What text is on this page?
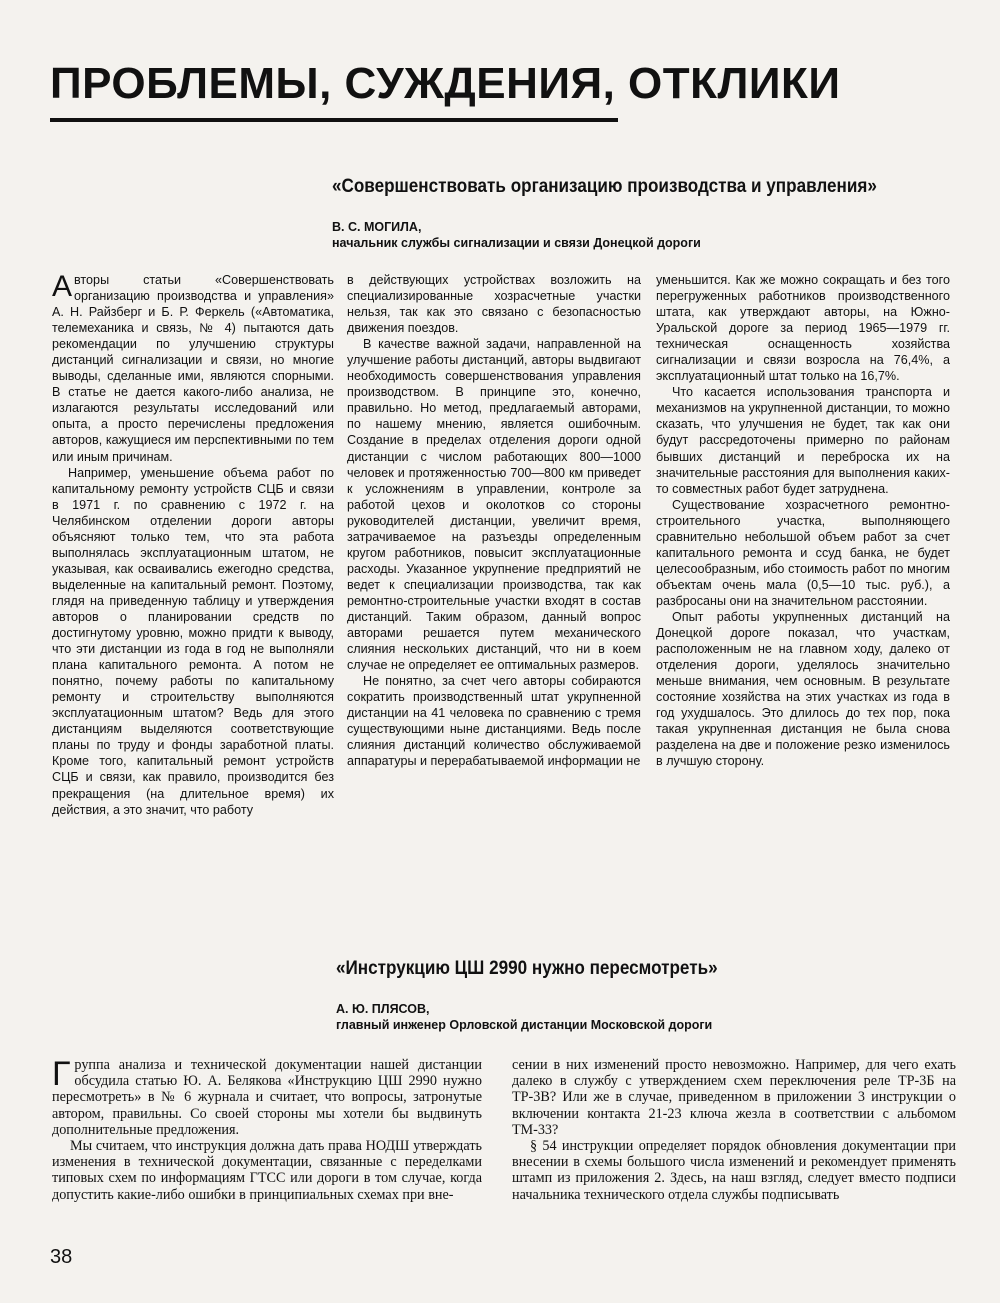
ПРОБЛЕМЫ, СУЖДЕНИЯ, ОТКЛИКИ
«Совершенствовать организацию производства и управления»
В. С. МОГИЛА,
начальник службы сигнализации и связи Донецкой дороги

Авторы статьи «Совершенствовать организацию производства и управления» А. Н. Райзберг и Б. Р. Феркель («Автоматика, телемеханика и связь, № 4) пытаются дать рекомендации по улучшению структуры дистанций сигнализации и связи, но многие выводы, сделанные ими, являются спорными. В статье не дается какого-либо анализа, не излагаются результаты исследований или опыта, а просто перечислены предложения авторов, кажущиеся им перспективными по тем или иным причинам.

Например, уменьшение объема работ по капитальному ремонту устройств СЦБ и связи в 1971 г. по сравнению с 1972 г. на Челябинском отделении дороги авторы объясняют только тем, что эта работа выполнялась эксплуатационным штатом, не указывая, как осваивались ежегодно средства, выделенные на капитальный ремонт. Поэтому, глядя на приведенную таблицу и утверждения авторов о планировании средств по достигнутому уровню, можно придти к выводу, что эти дистанции из года в год не выполняли плана капитального ремонта. А потом не понятно, почему работы по капитальному ремонту и строительству выполняются эксплуатационным штатом? Ведь для этого дистанциям выделяются соответствующие планы по труду и фонды заработной платы. Кроме того, капитальный ремонт устройств СЦБ и связи, как правило, производится без прекращения (на длительное время) их действия, а это значит, что работу

в действующих устройствах возложить на специализированные хозрасчетные участки нельзя, так как это связано с безопасностью движения поездов.

В качестве важной задачи, направленной на улучшение работы дистанций, авторы выдвигают необходимость совершенствования управления производством. В принципе это, конечно, правильно. Но метод, предлагаемый авторами, по нашему мнению, является ошибочным. Создание в пределах отделения дороги одной дистанции с числом работающих 800—1000 человек и протяженностью 700—800 км приведет к усложнениям в управлении, контроле за работой цехов и околотков со стороны руководителей дистанции, увеличит время, затрачиваемое на разъезды определенным кругом работников, повысит эксплуатационные расходы. Указанное укрупнение предприятий не ведет к специализации производства, так как ремонтно-строительные участки входят в состав дистанций. Таким образом, данный вопрос авторами решается путем механического слияния нескольких дистанций, что ни в коем случае не определяет ее оптимальных размеров.

Не понятно, за счет чего авторы собираются сократить производственный штат укрупненной дистанции на 41 человека по сравнению с тремя существующими ныне дистанциями. Ведь после слияния дистанций количество обслуживаемой аппаратуры и перерабатываемой информации не

уменьшится. Как же можно сокращать и без того перегруженных работников производственного штата, как утверждают авторы, на Южно-Уральской дороге за период 1965—1979 гг. техническая оснащенность хозяйства сигнализации и связи возросла на 76,4%, а эксплуатационный штат только на 16,7%.

Что касается использования транспорта и механизмов на укрупненной дистанции, то можно сказать, что улучшения не будет, так как они будут рассредоточены примерно по районам бывших дистанций и переброска их на значительные расстояния для выполнения каких-то совместных работ будет затруднена.

Существование хозрасчетного ремонтно-строительного участка, выполняющего сравнительно небольшой объем работ за счет капитального ремонта и ссуд банка, не будет целесообразным, ибо стоимость работ по многим объектам очень мала (0,5—10 тыс. руб.), а разбросаны они на значительном расстоянии.

Опыт работы укрупненных дистанций на Донецкой дороге показал, что участкам, расположенным не на главном ходу, далеко от отделения дороги, уделялось значительно меньше внимания, чем основным. В результате состояние хозяйства на этих участках из года в год ухудшалось. Это длилось до тех пор, пока такая укрупненная дистанция не была снова разделена на две и положение резко изменилось в лучшую сторону.

«Инструкцию ЦШ 2990 нужно пересмотреть»
А. Ю. ПЛЯСОВ,
главный инженер Орловской дистанции Московской дороги

Группа анализа и технической документации нашей дистанции обсудила статью Ю. А. Белякова «Инструкцию ЦШ 2990 нужно пересмотреть» в № 6 журнала и считает, что вопросы, затронутые автором, правильны. Со своей стороны мы хотели бы выдвинуть дополнительные предложения.

Мы считаем, что инструкция должна дать права НОДШ утверждать изменения в технической документации, связанные с переделками типовых схем по информациям ГТСС или дороги в том случае, когда допустить какие-либо ошибки в принципиальных схемах при вне-

сении в них изменений просто невозможно. Например, для чего ехать далеко в службу с утверждением схем переключения реле ТР-3Б на ТР-3В? Или же в случае, приведенном в приложении 3 инструкции о включении контакта 21-23 ключа жезла в соответствии с альбомом ТМ-33?

§ 54 инструкции определяет порядок обновления документации при внесении в схемы большого числа изменений и рекомендует применять штамп из приложения 2. Здесь, на наш взгляд, следует вместо подписи начальника технического отдела службы подписывать

38
